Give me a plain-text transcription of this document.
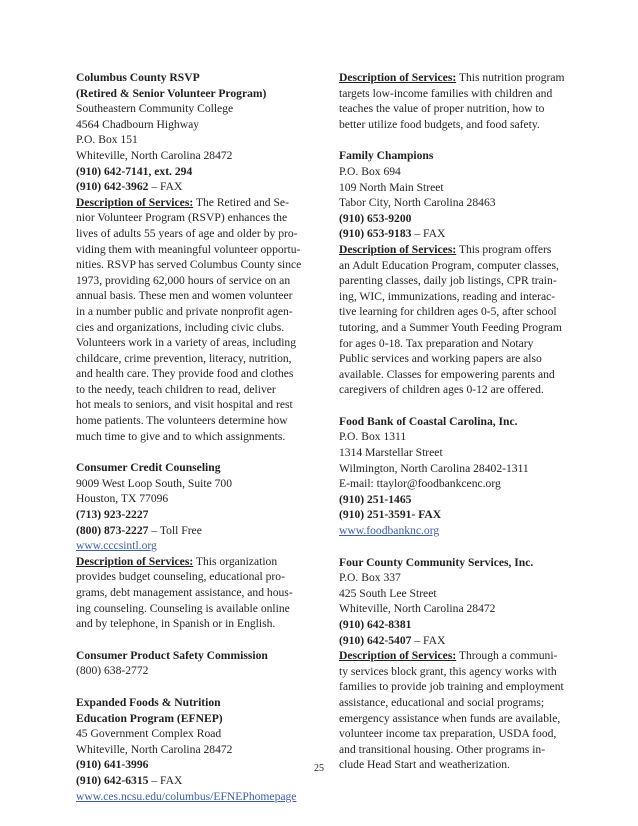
Columbus County RSVP
(Retired & Senior Volunteer Program)
Southeastern Community College
4564 Chadbourn Highway
P.O. Box 151
Whiteville, North Carolina 28472
(910) 642-7141, ext. 294
(910) 642-3962 – FAX
Description of Services: The Retired and Se-
nior Volunteer Program (RSVP) enhances the
lives of adults 55 years of age and older by pro-
viding them with meaningful volunteer opportu-
nities. RSVP has served Columbus County since
1973, providing 62,000 hours of service on an
annual basis. These men and women volunteer
in a number public and private nonprofit agen-
cies and organizations, including civic clubs.
Volunteers work in a variety of areas, including
childcare, crime prevention, literacy, nutrition,
and health care. They provide food and clothes
to the needy, teach children to read, deliver
hot meals to seniors, and visit hospital and rest
home patients. The volunteers determine how
much time to give and to which assignments.
Consumer Credit Counseling
9009 West Loop South, Suite 700
Houston, TX 77096
(713) 923-2227
(800) 873-2227 – Toll Free
www.cccsintl.org
Description of Services: This organization
provides budget counseling, educational pro-
grams, debt management assistance, and hous-
ing counseling. Counseling is available online
and by telephone, in Spanish or in English.
Consumer Product Safety Commission
(800) 638-2772
Expanded Foods & Nutrition
Education Program (EFNEP)
45 Government Complex Road
Whiteville, North Carolina 28472
(910) 641-3996
(910) 642-6315 – FAX
www.ces.ncsu.edu/columbus/EFNEPhomepage
Description of Services: This nutrition program
targets low-income families with children and
teaches the value of proper nutrition, how to
better utilize food budgets, and food safety.
Family Champions
P.O. Box 694
109 North Main Street
Tabor City, North Carolina 28463
(910) 653-9200
(910) 653-9183 – FAX
Description of Services: This program offers
an Adult Education Program, computer classes,
parenting classes, daily job listings, CPR train-
ing, WIC, immunizations, reading and interac-
tive learning for children ages 0-5, after school
tutoring, and a Summer Youth Feeding Program
for ages 0-18. Tax preparation and Notary
Public services and working papers are also
available. Classes for empowering parents and
caregivers of children ages 0-12 are offered.
Food Bank of Coastal Carolina, Inc.
P.O. Box 1311
1314 Marstellar Street
Wilmington, North Carolina 28402-1311
E-mail: ttaylor@foodbankcenc.org
(910) 251-1465
(910) 251-3591- FAX
www.foodbanknc.org
Four County Community Services, Inc.
P.O. Box 337
425 South Lee Street
Whiteville, North Carolina 28472
(910) 642-8381
(910) 642-5407 – FAX
Description of Services: Through a communi-
ty services block grant, this agency works with
families to provide job training and employment
assistance, educational and social programs;
emergency assistance when funds are available,
volunteer income tax preparation, USDA food,
and transitional housing. Other programs in-
clude Head Start and weatherization.
25
